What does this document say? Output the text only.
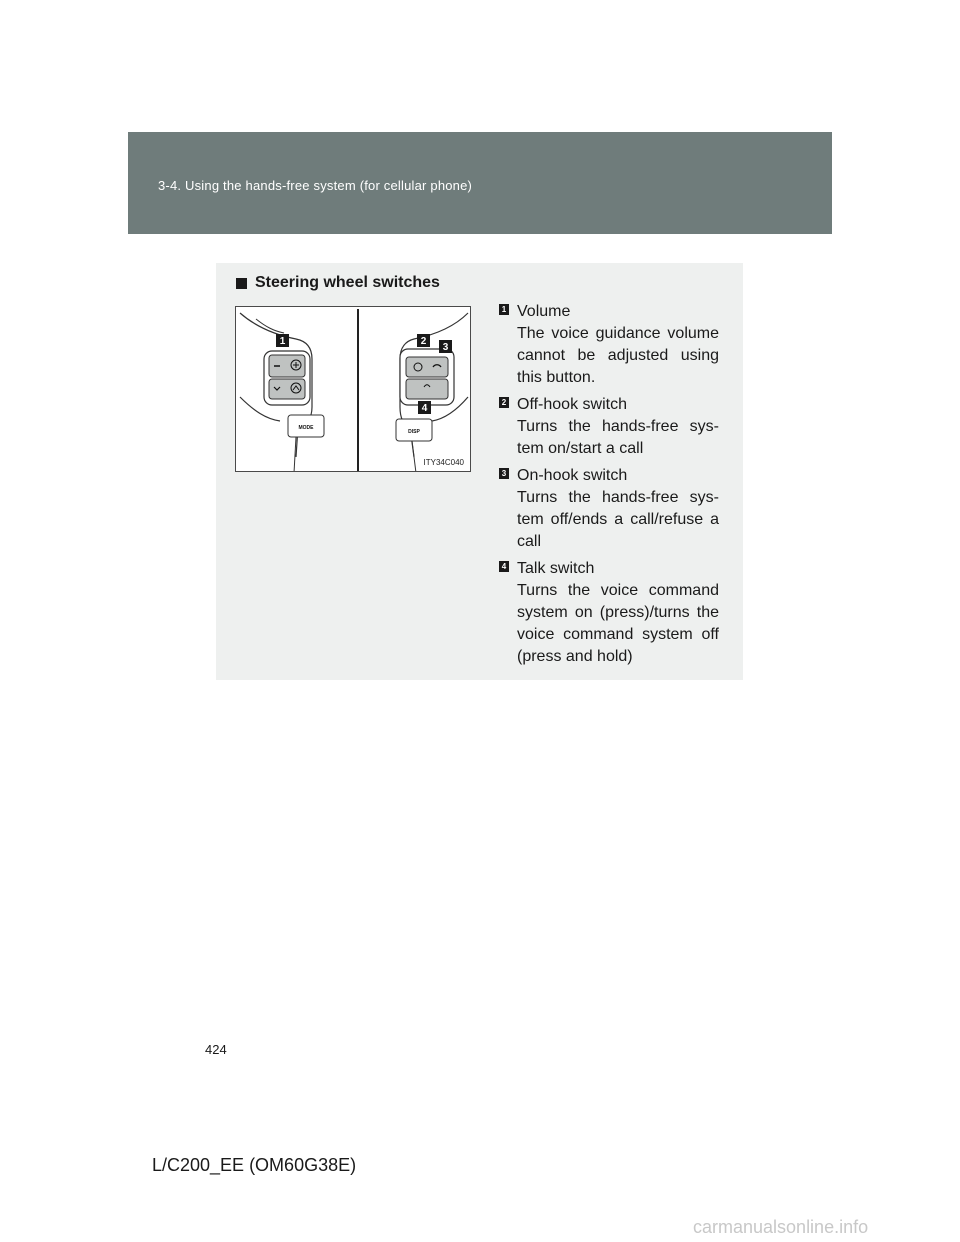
3-4. Using the hands-free system (for cellular phone)
Steering wheel switches
MODE
DISP
1	2
3
4
ITY34C040
1 Volume
The voice guidance volume cannot be adjusted using this button.
2 Off-hook switch
Turns the hands-free sys-tem on/start a call
3 On-hook switch
Turns the hands-free sys-tem off/ends a call/refuse a call
4 Talk switch
Turns the voice command system on (press)/turns the voice command system off (press and hold)
424
L/C200_EE (OM60G38E)
carmanualsonline.info
